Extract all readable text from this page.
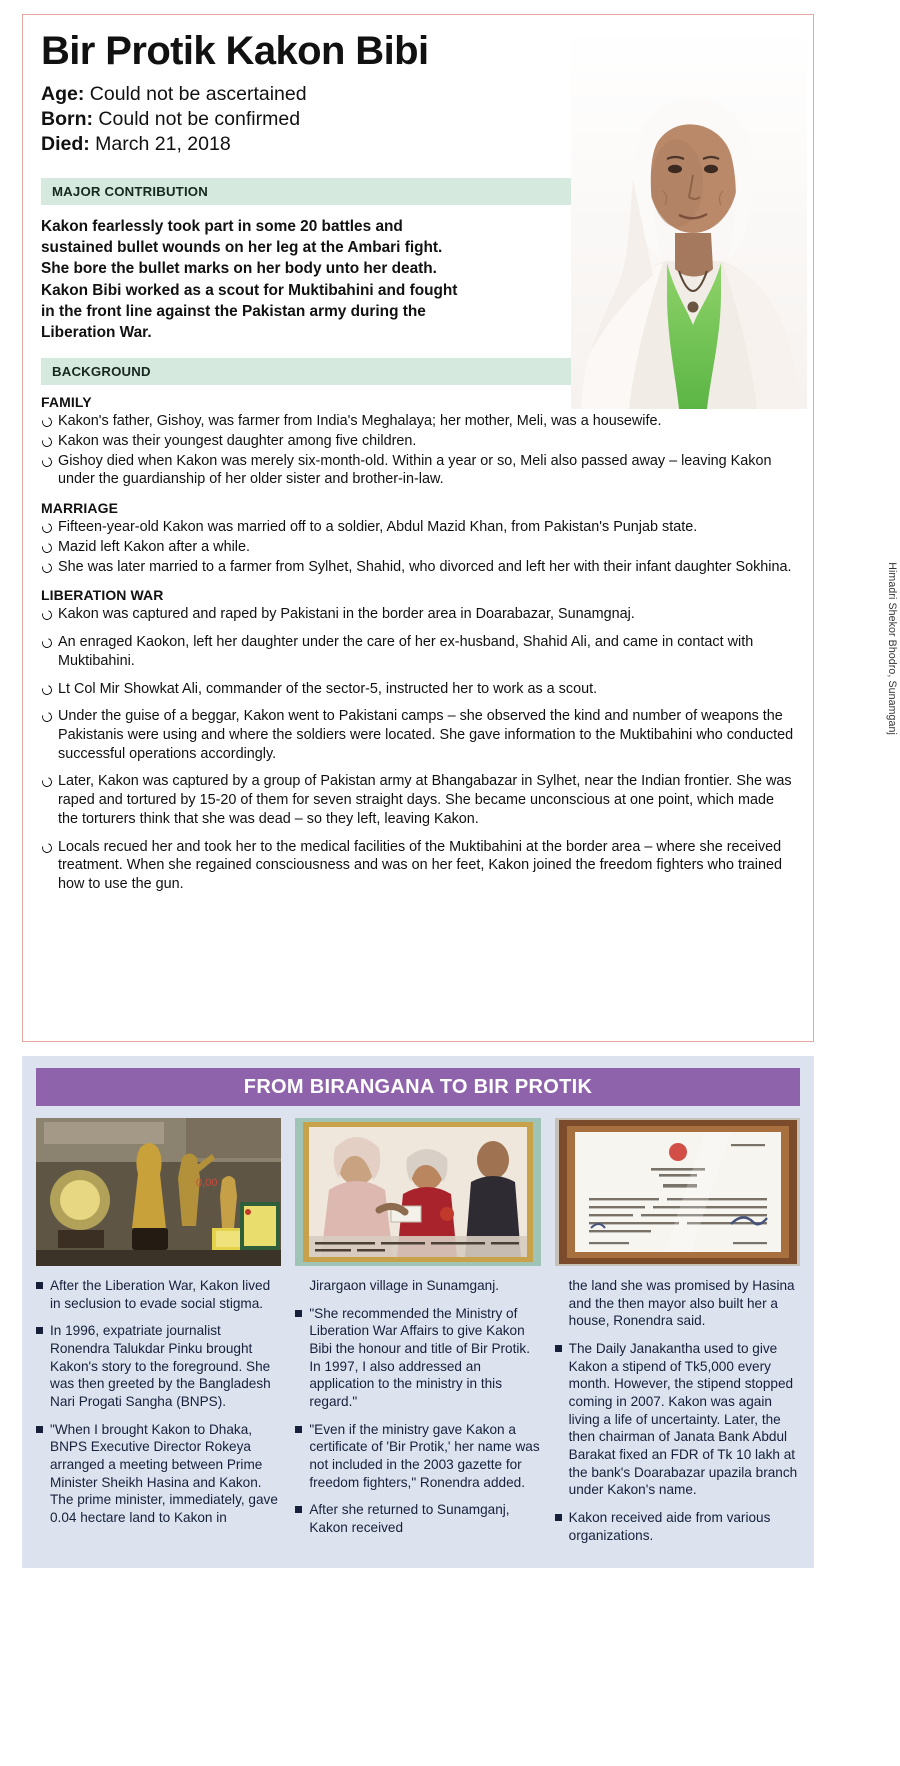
Bir Protik Kakon Bibi
Age: Could not be ascertained
Born: Could not be confirmed
Died: March 21, 2018
MAJOR CONTRIBUTION

Kakon fearlessly took part in some 20 battles and sustained bullet wounds on her leg at the Ambari fight. She bore the bullet marks on her body unto her death.

Kakon Bibi worked as a scout for Muktibahini and fought in the front line against the Pakistan army during the Liberation War.

BACKGROUND
FAMILY
Kakon's father, Gishoy, was farmer from India's Meghalaya; her mother, Meli, was a housewife.
Kakon was their youngest daughter among five children.
Gishoy died when Kakon was merely six-month-old. Within a year or so, Meli also passed away – leaving Kakon under the guardianship of her older sister and brother-in-law.
MARRIAGE
Fifteen-year-old Kakon was married off to a soldier, Abdul Mazid Khan, from Pakistan's Punjab state.
Mazid left Kakon after a while.
She was later married to a farmer from Sylhet, Shahid, who divorced and left her with their infant daughter Sokhina.
LIBERATION WAR
Kakon was captured and raped by Pakistani in the border area in Doarabazar, Sunamgnaj.
An enraged Kaokon, left her daughter under the care of her ex-husband, Shahid Ali, and came in contact with Muktibahini.
Lt Col Mir Showkat Ali, commander of the sector-5, instructed her to work as a scout.
Under the guise of a beggar, Kakon went to Pakistani camps – she observed the kind and number of weapons the Pakistanis were using and where the soldiers were located. She gave information to the Muktibahini who conducted successful operations accordingly.
Later, Kakon was captured by a group of Pakistan army at Bhangabazar in Sylhet, near the Indian frontier. She was raped and tortured by 15-20 of them for seven straight days. She became unconscious at one point, which made the torturers think that she was dead – so they left, leaving Kakon.
Locals recued her and took her to the medical facilities of the Muktibahini at the border area – where she received treatment. When she regained consciousness and was on her feet, Kakon joined the freedom fighters who trained how to use the gun.
Himadri Shekor Bhodro, Sunamganj
FROM BIRANGANA TO BIR PROTIK
0,00
After the Liberation War, Kakon lived in seclusion to evade social stigma.
In 1996, expatriate journalist Ronendra Talukdar Pinku brought Kakon's story to the foreground. She was then greeted by the Bangladesh Nari Progati Sangha (BNPS).
"When I brought Kakon to Dhaka, BNPS Executive Director Rokeya arranged a meeting between Prime Minister Sheikh Hasina and Kakon. The prime minister, immediately, gave 0.04 hectare land to Kakon in
Jirargaon village in Sunamganj.
"She recommended the Ministry of Liberation War Affairs to give Kakon Bibi the honour and title of Bir Protik. In 1997, I also addressed an application to the ministry in this regard."
"Even if the ministry gave Kakon a certificate of 'Bir Protik,' her name was not included in the 2003 gazette for freedom fighters," Ronendra added.
After she returned to Sunamganj, Kakon received
the land she was promised by Hasina and the then mayor also built her a house, Ronendra said.
The Daily Janakantha used to give Kakon a stipend of Tk5,000 every month. However, the stipend stopped coming in 2007. Kakon was again living a life of uncertainty. Later, the then chairman of Janata Bank Abdul Barakat fixed an FDR of Tk 10 lakh at the bank's Doarabazar upazila branch under Kakon's name.
Kakon received aide from various organizations.
